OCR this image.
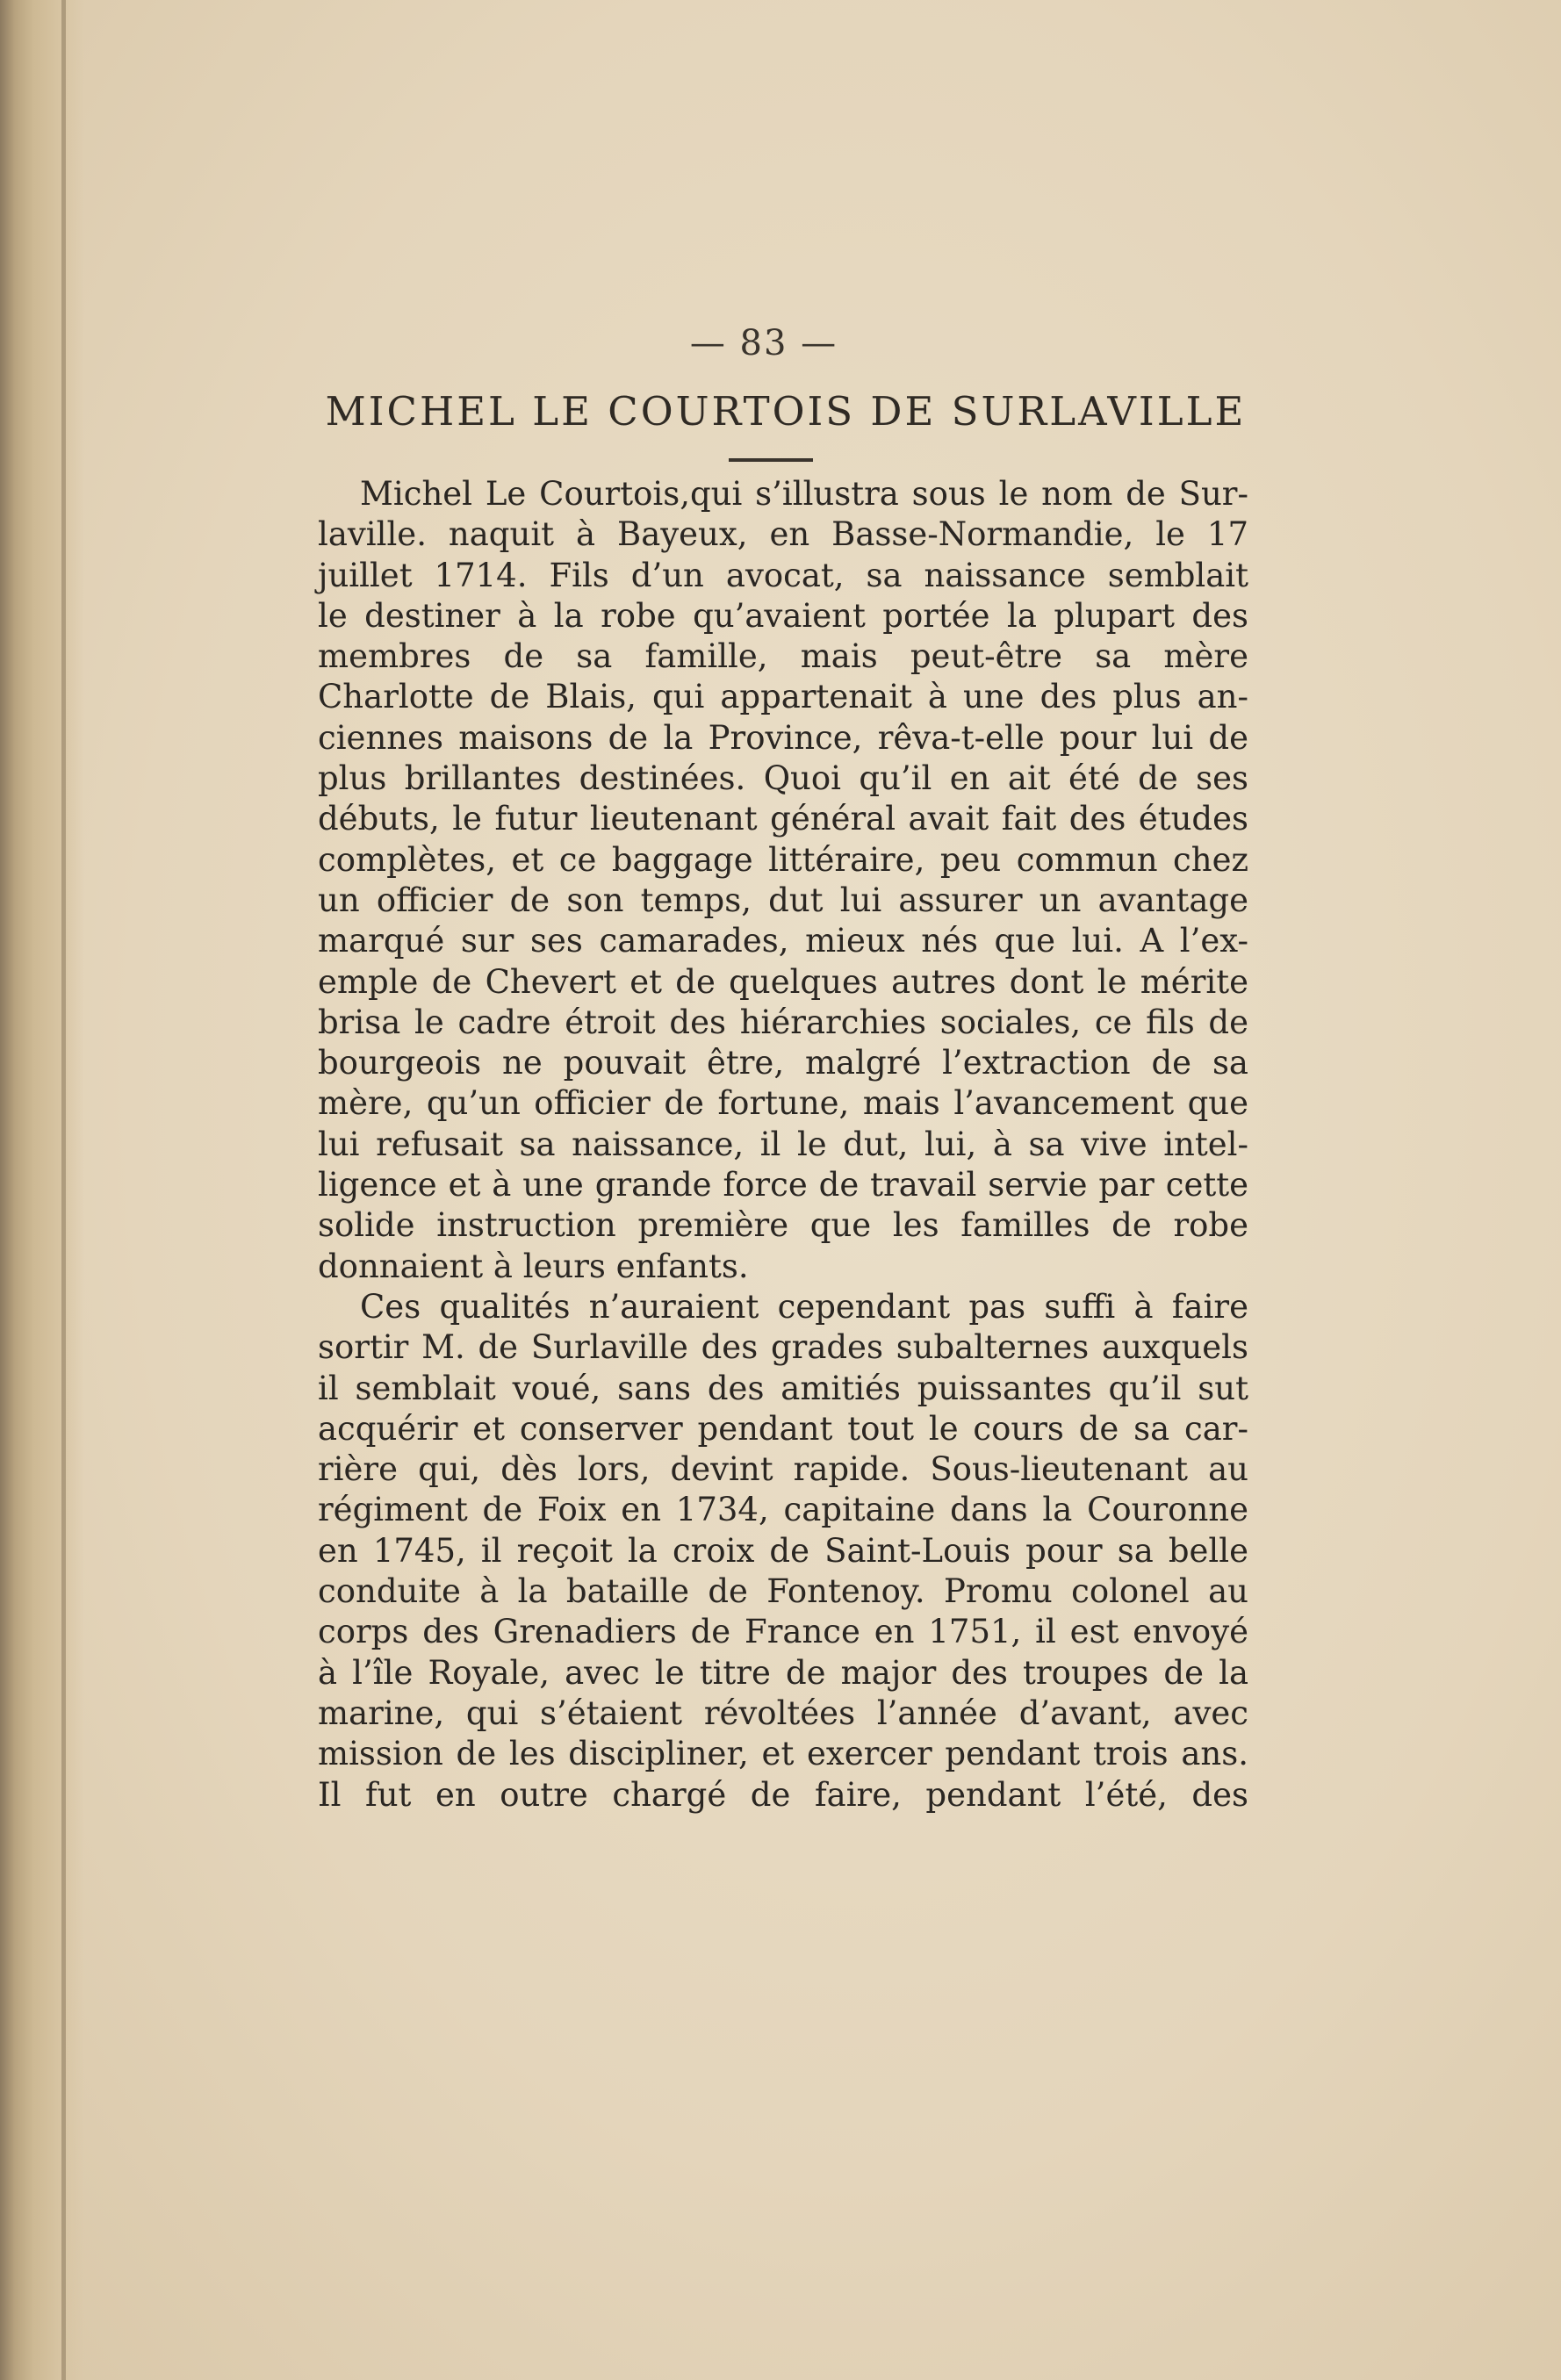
— 83 —
MICHEL LE COURTOIS DE SURLAVILLE
Michel Le Courtois,qui s’illustra sous le nom de Sur-
laville. naquit à Bayeux, en Basse-Normandie, le 17
juillet 1714. Fils d’un avocat, sa naissance semblait
le destiner à la robe qu’avaient portée la plupart des
membres de sa famille, mais peut-être sa mère
Charlotte de Blais, qui appartenait à une des plus an-
ciennes maisons de la Province, rêva-t-elle pour lui de
plus brillantes destinées. Quoi qu’il en ait été de ses
débuts, le futur lieutenant général avait fait des études
complètes, et ce baggage littéraire, peu commun chez
un officier de son temps, dut lui assurer un avantage
marqué sur ses camarades, mieux nés que lui. A l’ex-
emple de Chevert et de quelques autres dont le mérite
brisa le cadre étroit des hiérarchies sociales, ce fils de
bourgeois ne pouvait être, malgré l’extraction de sa
mère, qu’un officier de fortune, mais l’avancement que
lui refusait sa naissance, il le dut, lui, à sa vive intel-
ligence et à une grande force de travail servie par cette
solide instruction première que les familles de robe
donnaient à leurs enfants.
Ces qualités n’auraient cependant pas suffi à faire
sortir M. de Surlaville des grades subalternes auxquels
il semblait voué, sans des amitiés puissantes qu’il sut
acquérir et conserver pendant tout le cours de sa car-
rière qui, dès lors, devint rapide. Sous-lieutenant au
régiment de Foix en 1734, capitaine dans la Couronne
en 1745, il reçoit la croix de Saint-Louis pour sa belle
conduite à la bataille de Fontenoy. Promu colonel au
corps des Grenadiers de France en 1751, il est envoyé
à l’île Royale, avec le titre de major des troupes de la
marine, qui s’étaient révoltées l’année d’avant, avec
mission de les discipliner, et exercer pendant trois ans.
Il fut en outre chargé de faire, pendant l’été, des
